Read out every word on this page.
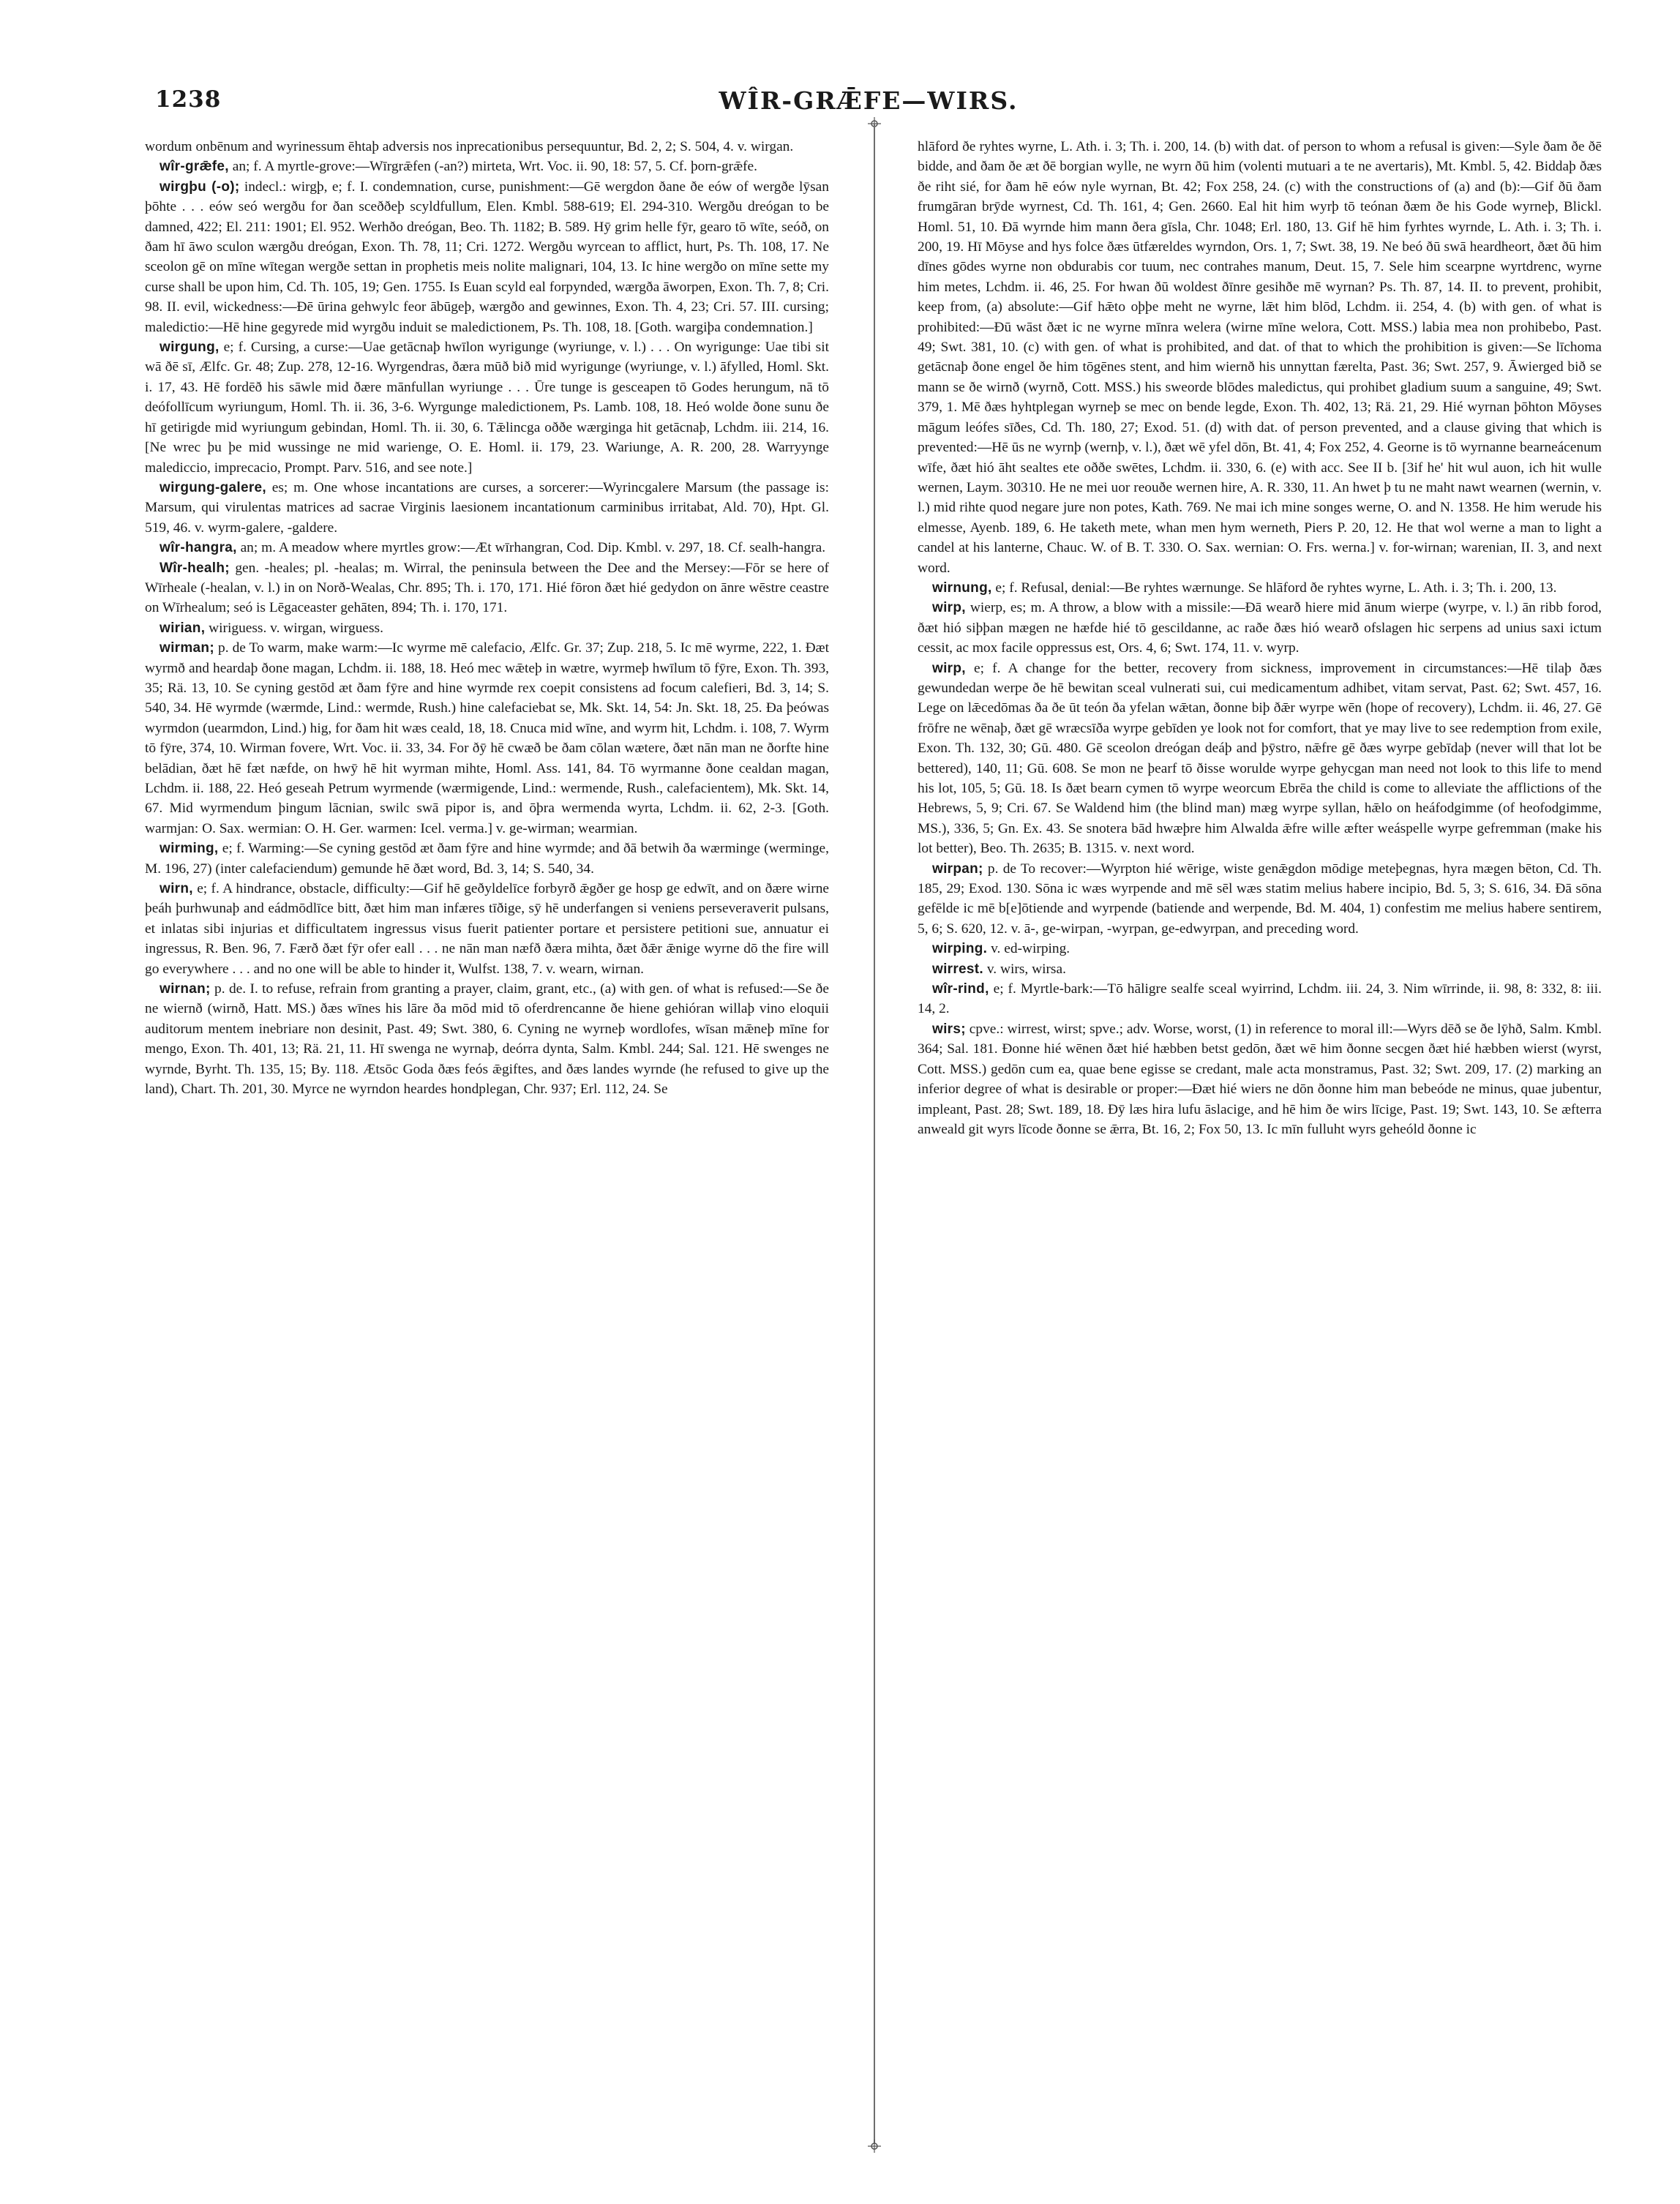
1238	WÎR-GRǢFE—WIRS.

wordum onbēnum and wyrinessum ēhtaþ adversis nos inprecationibus persequuntur, Bd. 2, 2; S. 504, 4. v. wirgan.

wîr-grǣfe, an; f. A myrtle-grove:—Wīrgrǣfen (-an?) mirteta, Wrt. Voc. ii. 90, 18: 57, 5. Cf. þorn-grǣfe.

wirgþu (-o); indecl.: wirgþ, e; f. I. condemnation, curse, punishment:—Gē wergdon ðane ðe eów of wergðe lȳsan þōhte . . . eów seó wergðu for ðan sceððeþ scyldfullum, Elen. Kmbl. 588-619; El. 294-310. Wergðu dreógan to be damned, 422; El. 211: 1901; El. 952. Werhðo dreógan, Beo. Th. 1182; B. 589. Hȳ grim helle fȳr, gearo tō wīte, seóð, on ðam hī āwo sculon wærgðu dreógan, Exon. Th. 78, 11; Cri. 1272. Wergðu wyrcean to afflict, hurt, Ps. Th. 108, 17. Ne sceolon gē on mīne wītegan wergðe settan in prophetis meis nolite malignari, 104, 13. Ic hine wergðo on mīne sette my curse shall be upon him, Cd. Th. 105, 19; Gen. 1755. Is Euan scyld eal forpynded, wærgða āworpen, Exon. Th. 7, 8; Cri. 98. II. evil, wickedness:—Ðē ūrina gehwylc feor ābūgeþ, wærgðo and gewinnes, Exon. Th. 4, 23; Cri. 57. III. cursing; maledictio:—Hē hine gegyrede mid wyrgðu induit se maledictionem, Ps. Th. 108, 18. [Goth. wargiþa condemnation.]

wirgung, e; f. Cursing, a curse:—Uae getācnaþ hwīlon wyrigunge (wyriunge, v. l.) . . . On wyrigunge: Uae tibi sit wā ðē sī, Ælfc. Gr. 48; Zup. 278, 12-16. Wyrgendras, ðæra mūð bið mid wyrigunge (wyriunge, v. l.) āfylled, Homl. Skt. i. 17, 43. Hē fordēð his sāwle mid ðære mānfullan wyriunge . . . Ūre tunge is gesceapen tō Godes herungum, nā tō deófollīcum wyriungum, Homl. Th. ii. 36, 3-6. Wyrgunge maledictionem, Ps. Lamb. 108, 18. Heó wolde ðone sunu ðe hī getirigde mid wyriungum gebindan, Homl. Th. ii. 30, 6. Tǣlincga oððe wærginga hit getācnaþ, Lchdm. iii. 214, 16. [Ne wrec þu þe mid wussinge ne mid warienge, O. E. Homl. ii. 179, 23. Wariunge, A. R. 200, 28. Warryynge malediccio, imprecacio, Prompt. Parv. 516, and see note.]

wirgung-galere, es; m. One whose incantations are curses, a sorcerer:—Wyrincgalere Marsum (the passage is: Marsum, qui virulentas matrices ad sacrae Virginis laesionem incantationum carminibus irritabat, Ald. 70), Hpt. Gl. 519, 46. v. wyrm-galere, -galdere.

wîr-hangra, an; m. A meadow where myrtles grow:—Æt wīrhangran, Cod. Dip. Kmbl. v. 297, 18. Cf. sealh-hangra.

Wîr-healh; gen. -heales; pl. -healas; m. Wirral, the peninsula between the Dee and the Mersey:—Fōr se here of Wīrheale (-healan, v. l.) in on Norð-Wealas, Chr. 895; Th. i. 170, 171. Hié fōron ðæt hié gedydon on ānre wēstre ceastre on Wīrhealum; seó is Lēgaceaster gehāten, 894; Th. i. 170, 171.

wirian, wiriguess. v. wirgan, wirguess.

wirman; p. de To warm, make warm:—Ic wyrme mē calefacio, Ælfc. Gr. 37; Zup. 218, 5. Ic mē wyrme, 222, 1. Ðæt wyrmð and heardaþ ðone magan, Lchdm. ii. 188, 18. Heó mec wǣteþ in wætre, wyrmeþ hwīlum tō fȳre, Exon. Th. 393, 35; Rä. 13, 10. Se cyning gestōd æt ðam fȳre and hine wyrmde rex coepit consistens ad focum calefieri, Bd. 3, 14; S. 540, 34. Hē wyrmde (wærmde, Lind.: wermde, Rush.) hine calefaciebat se, Mk. Skt. 14, 54: Jn. Skt. 18, 25. Ða þeówas wyrmdon (uearmdon, Lind.) hig, for ðam hit wæs ceald, 18, 18. Cnuca mid wīne, and wyrm hit, Lchdm. i. 108, 7. Wyrm tō fȳre, 374, 10. Wirman fovere, Wrt. Voc. ii. 33, 34. For ðȳ hē cwæð be ðam cōlan wætere, ðæt nān man ne ðorfte hine belādian, ðæt hē fæt næfde, on hwȳ hē hit wyrman mihte, Homl. Ass. 141, 84. Tō wyrmanne ðone cealdan magan, Lchdm. ii. 188, 22. Heó geseah Petrum wyrmende (wærmigende, Lind.: wermende, Rush., calefacientem), Mk. Skt. 14, 67. Mid wyrmendum þingum lācnian, swilc swā pipor is, and ōþra wermenda wyrta, Lchdm. ii. 62, 2-3. [Goth. warmjan: O. Sax. wermian: O. H. Ger. warmen: Icel. verma.] v. ge-wirman; wearmian.

wirming, e; f. Warming:—Se cyning gestōd æt ðam fȳre and hine wyrmde; and ðā betwih ða wærminge (werminge, M. 196, 27) (inter calefaciendum) gemunde hē ðæt word, Bd. 3, 14; S. 540, 34.

wirn, e; f. A hindrance, obstacle, difficulty:—Gif hē geðyldelīce forbyrð ǣgðer ge hosp ge edwīt, and on ðære wirne þeáh þurhwunaþ and eádmōdlīce bitt, ðæt him man infæres tīðige, sȳ hē underfangen si veniens perseveraverit pulsans, et inlatas sibi injurias et difficultatem ingressus visus fuerit patienter portare et persistere petitioni sue, annuatur ei ingressus, R. Ben. 96, 7. Færð ðæt fȳr ofer eall . . . ne nān man næfð ðæra mihta, ðæt ðǣr ǣnige wyrne dō the fire will go everywhere . . . and no one will be able to hinder it, Wulfst. 138, 7. v. wearn, wirnan.

wirnan; p. de. I. to refuse, refrain from granting a prayer, claim, grant, etc., (a) with gen. of what is refused:—Se ðe ne wiernð (wirnð, Hatt. MS.) ðæs wīnes his lāre ða mōd mid tō oferdrencanne ðe hiene gehióran willaþ vino eloquii auditorum mentem inebriare non desinit, Past. 49; Swt. 380, 6. Cyning ne wyrneþ wordlofes, wīsan mǣneþ mīne for mengo, Exon. Th. 401, 13; Rä. 21, 11. Hī swenga ne wyrnaþ, deórra dynta, Salm. Kmbl. 244; Sal. 121. Hē swenges ne wyrnde, Byrht. Th. 135, 15; By. 118. Ætsōc Goda ðæs feós ǣgiftes, and ðæs landes wyrnde (he refused to give up the land), Chart. Th. 201, 30. Myrce ne wyrndon heardes hondplegan, Chr. 937; Erl. 112, 24. Se

hlāford ðe ryhtes wyrne, L. Ath. i. 3; Th. i. 200, 14. (b) with dat. of person to whom a refusal is given:—Syle ðam ðe ðē bidde, and ðam ðe æt ðē borgian wylle, ne wyrn ðū him (volenti mutuari a te ne avertaris), Mt. Kmbl. 5, 42. Biddaþ ðæs ðe riht sié, for ðam hē eów nyle wyrnan, Bt. 42; Fox 258, 24. (c) with the constructions of (a) and (b):—Gif ðū ðam frumgāran brȳde wyrnest, Cd. Th. 161, 4; Gen. 2660. Eal hit him wyrþ tō teónan ðæm ðe his Gode wyrneþ, Blickl. Homl. 51, 10. Ðā wyrnde him mann ðera gīsla, Chr. 1048; Erl. 180, 13. Gif hē him fyrhtes wyrnde, L. Ath. i. 3; Th. i. 200, 19. Hī Mōyse and hys folce ðæs ūtfæreldes wyrndon, Ors. 1, 7; Swt. 38, 19. Ne beó ðū swā heardheort, ðæt ðū him dīnes gōdes wyrne non obdurabis cor tuum, nec contrahes manum, Deut. 15, 7. Sele him scearpne wyrtdrenc, wyrne him metes, Lchdm. ii. 46, 25. For hwan ðū woldest ðīnre gesihðe mē wyrnan? Ps. Th. 87, 14. II. to prevent, prohibit, keep from, (a) absolute:—Gif hǣto oþþe meht ne wyrne, lǣt him blōd, Lchdm. ii. 254, 4. (b) with gen. of what is prohibited:—Ðū wāst ðæt ic ne wyrne mīnra welera (wirne mīne welora, Cott. MSS.) labia mea non prohibebo, Past. 49; Swt. 381, 10. (c) with gen. of what is prohibited, and dat. of that to which the prohibition is given:—Se līchoma getācnaþ ðone engel ðe him tōgēnes stent, and him wiernð his unnyttan færelta, Past. 36; Swt. 257, 9. Āwierged bið se mann se ðe wirnð (wyrnð, Cott. MSS.) his sweorde blōdes maledictus, qui prohibet gladium suum a sanguine, 49; Swt. 379, 1. Mē ðæs hyhtplegan wyrneþ se mec on bende legde, Exon. Th. 402, 13; Rä. 21, 29. Hié wyrnan þōhton Mōyses māgum leófes sīðes, Cd. Th. 180, 27; Exod. 51. (d) with dat. of person prevented, and a clause giving that which is prevented:—Hē ūs ne wyrnþ (wernþ, v. l.), ðæt wē yfel dōn, Bt. 41, 4; Fox 252, 4. Georne is tō wyrnanne bearneácenum wīfe, ðæt hió āht sealtes ete oððe swētes, Lchdm. ii. 330, 6. (e) with acc. See II b. [3if he' hit wul auon, ich hit wulle wernen, Laym. 30310. He ne mei uor reouðe wernen hire, A. R. 330, 11. An hwet þ tu ne maht nawt wearnen (wernin, v. l.) mid rihte quod negare jure non potes, Kath. 769. Ne mai ich mine songes werne, O. and N. 1358. He him werude his elmesse, Ayenb. 189, 6. He taketh mete, whan men hym werneth, Piers P. 20, 12. He that wol werne a man to light a candel at his lanterne, Chauc. W. of B. T. 330. O. Sax. wernian: O. Frs. werna.] v. for-wirnan; warenian, II. 3, and next word.

wirnung, e; f. Refusal, denial:—Be ryhtes wærnunge. Se hlāford ðe ryhtes wyrne, L. Ath. i. 3; Th. i. 200, 13.

wirp, wierp, es; m. A throw, a blow with a missile:—Ðā wearð hiere mid ānum wierpe (wyrpe, v. l.) ān ribb forod, ðæt hió siþþan mægen ne hæfde hié tō gescildanne, ac raðe ðæs hió wearð ofslagen hic serpens ad unius saxi ictum cessit, ac mox facile oppressus est, Ors. 4, 6; Swt. 174, 11. v. wyrp.

wirp, e; f. A change for the better, recovery from sickness, improvement in circumstances:—Hē tilaþ ðæs gewundedan werpe ðe hē bewitan sceal vulnerati sui, cui medicamentum adhibet, vitam servat, Past. 62; Swt. 457, 16. Lege on lǣcedōmas ða ðe ūt teón ða yfelan wǣtan, ðonne biþ ðǣr wyrpe wēn (hope of recovery), Lchdm. ii. 46, 27. Gē frōfre ne wēnaþ, ðæt gē wræcsīða wyrpe gebīden ye look not for comfort, that ye may live to see redemption from exile, Exon. Th. 132, 30; Gū. 480. Gē sceolon dreógan deáþ and þȳstro, nǣfre gē ðæs wyrpe gebīdaþ (never will that lot be bettered), 140, 11; Gū. 608. Se mon ne þearf tō ðisse worulde wyrpe gehycgan man need not look to this life to mend his lot, 105, 5; Gū. 18. Is ðæt bearn cymen tō wyrpe weorcum Ebrēa the child is come to alleviate the afflictions of the Hebrews, 5, 9; Cri. 67. Se Waldend him (the blind man) mæg wyrpe syllan, hǣlo on heáfodgimme (of heofodgimme, MS.), 336, 5; Gn. Ex. 43. Se snotera bād hwæþre him Alwalda ǣfre wille æfter weáspelle wyrpe gefremman (make his lot better), Beo. Th. 2635; B. 1315. v. next word.

wirpan; p. de To recover:—Wyrpton hié wērige, wiste genǣgdon mōdige meteþegnas, hyra mægen bēton, Cd. Th. 185, 29; Exod. 130. Sōna ic wæs wyrpende and mē sēl wæs statim melius habere incipio, Bd. 5, 3; S. 616, 34. Ðā sōna gefēlde ic mē b[e]ōtiende and wyrpende (batiende and werpende, Bd. M. 404, 1) confestim me melius habere sentirem, 5, 6; S. 620, 12. v. ā-, ge-wirpan, -wyrpan, ge-edwyrpan, and preceding word.

wirping. v. ed-wirping.

wirrest. v. wirs, wirsa.

wîr-rind, e; f. Myrtle-bark:—Tō hāligre sealfe sceal wyirrind, Lchdm. iii. 24, 3. Nim wīrrinde, ii. 98, 8: 332, 8: iii. 14, 2.

wirs; cpve.: wirrest, wirst; spve.; adv. Worse, worst, (1) in reference to moral ill:—Wyrs dēð se ðe lȳhð, Salm. Kmbl. 364; Sal. 181. Ðonne hié wēnen ðæt hié hæbben betst gedōn, ðæt wē him ðonne secgen ðæt hié hæbben wierst (wyrst, Cott. MSS.) gedōn cum ea, quae bene egisse se credant, male acta monstramus, Past. 32; Swt. 209, 17. (2) marking an inferior degree of what is desirable or proper:—Ðæt hié wiers ne dōn ðonne him man bebeóde ne minus, quae jubentur, impleant, Past. 28; Swt. 189, 18. Ðȳ læs hira lufu āslacige, and hē him ðe wirs līcige, Past. 19; Swt. 143, 10. Se æfterra anweald git wyrs līcode ðonne se ǣrra, Bt. 16, 2; Fox 50, 13. Ic mīn fulluht wyrs geheóld ðonne ic
